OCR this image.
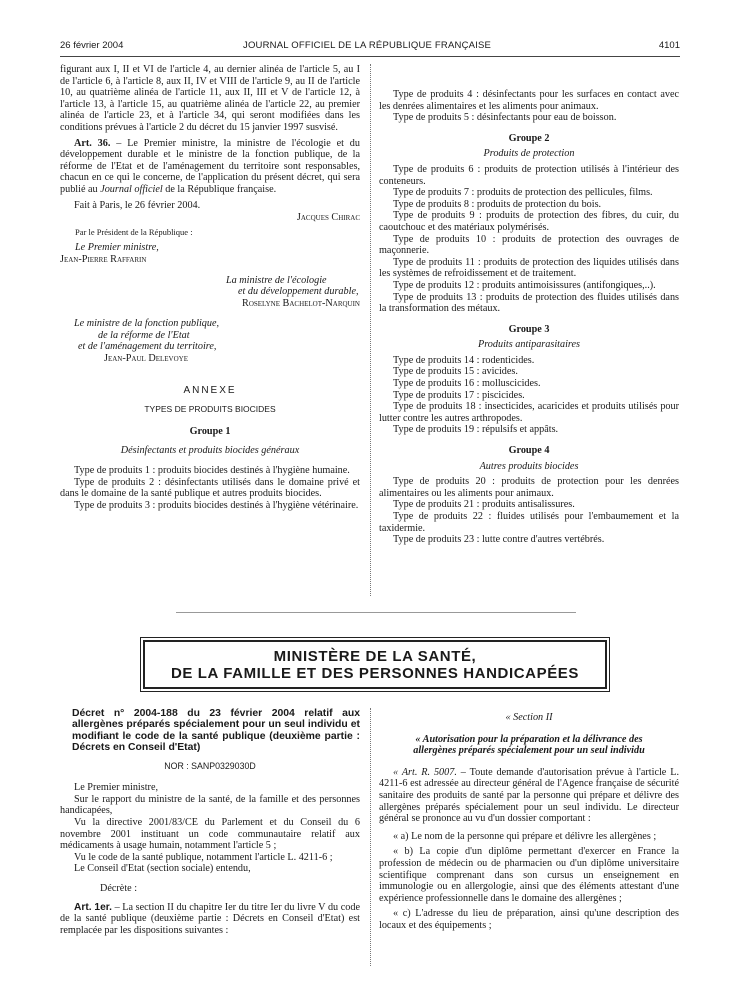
26 février 2004	JOURNAL OFFICIEL DE LA RÉPUBLIQUE FRANÇAISE	4101

figurant aux I, II et VI de l'article 4, au dernier alinéa de l'article 5, au I de l'article 6, à l'article 8, aux II, IV et VIII de l'article 9, au II de l'article 10, au quatrième alinéa de l'article 11, aux II, III et V de l'article 12, à l'article 13, à l'article 15, au quatrième alinéa de l'article 22, au premier alinéa de l'article 23, et à l'article 34, qui seront modifiées dans les conditions prévues à l'article 2 du décret du 15 janvier 1997 susvisé.

Art. 36. – Le Premier ministre, la ministre de l'écologie et du développement durable et le ministre de la fonction publique, de la réforme de l'Etat et de l'aménagement du territoire sont responsables, chacun en ce qui le concerne, de l'application du présent décret, qui sera publié au Journal officiel de la République française.

Fait à Paris, le 26 février 2004.

Jacques Chirac

Par le Président de la République :

Le Premier ministre,

Jean-Pierre Raffarin

La ministre de l'écologie

et du développement durable,

Roselyne Bachelot-Narquin

Le ministre de la fonction publique,

de la réforme de l'Etat

et de l'aménagement du territoire,

Jean-Paul Delevoye

ANNEXE

TYPES DE PRODUITS BIOCIDES

Groupe 1

Désinfectants et produits biocides généraux

Type de produits 1 : produits biocides destinés à l'hygiène humaine.

Type de produits 2 : désinfectants utilisés dans le domaine privé et dans le domaine de la santé publique et autres produits biocides.

Type de produits 3 : produits biocides destinés à l'hygiène vétérinaire.

Type de produits 4 : désinfectants pour les surfaces en contact avec les denrées alimentaires et les aliments pour animaux.

Type de produits 5 : désinfectants pour eau de boisson.

Groupe 2

Produits de protection

Type de produits 6 : produits de protection utilisés à l'intérieur des conteneurs.

Type de produits 7 : produits de protection des pellicules, films.

Type de produits 8 : produits de protection du bois.

Type de produits 9 : produits de protection des fibres, du cuir, du caoutchouc et des matériaux polymérisés.

Type de produits 10 : produits de protection des ouvrages de maçonnerie.

Type de produits 11 : produits de protection des liquides utilisés dans les systèmes de refroidissement et de traitement.

Type de produits 12 : produits antimoisissures (antifongiques,..).

Type de produits 13 : produits de protection des fluides utilisés dans la transformation des métaux.

Groupe 3

Produits antiparasitaires

Type de produits 14 : rodenticides.

Type de produits 15 : avicides.

Type de produits 16 : molluscicides.

Type de produits 17 : piscicides.

Type de produits 18 : insecticides, acaricides et produits utilisés pour lutter contre les autres arthropodes.

Type de produits 19 : répulsifs et appâts.

Groupe 4

Autres produits biocides

Type de produits 20 : produits de protection pour les denrées alimentaires ou les aliments pour animaux.

Type de produits 21 : produits antisalissures.

Type de produits 22 : fluides utilisés pour l'embaumement et la taxidermie.

Type de produits 23 : lutte contre d'autres vertébrés.

MINISTÈRE DE LA SANTÉ,
DE LA FAMILLE ET DES PERSONNES HANDICAPÉES

Décret n° 2004-188 du 23 février 2004 relatif aux allergènes préparés spécialement pour un seul individu et modifiant le code de la santé publique (deuxième partie : Décrets en Conseil d'Etat)

NOR : SANP0329030D

Le Premier ministre,

Sur le rapport du ministre de la santé, de la famille et des personnes handicapées,

Vu la directive 2001/83/CE du Parlement et du Conseil du 6 novembre 2001 instituant un code communautaire relatif aux médicaments à usage humain, notamment l'article 5 ;

Vu le code de la santé publique, notamment l'article L. 4211-6 ;

Le Conseil d'Etat (section sociale) entendu,

Décrète :

Art. 1er. – La section II du chapitre Ier du titre Ier du livre V du code de la santé publique (deuxième partie : Décrets en Conseil d'Etat) est remplacée par les dispositions suivantes :

« Section II

« Autorisation pour la préparation et la délivrance des allergènes préparés spécialement pour un seul individu

« Art. R. 5007. – Toute demande d'autorisation prévue à l'article L. 4211-6 est adressée au directeur général de l'Agence française de sécurité sanitaire des produits de santé par la personne qui prépare et délivre des allergènes préparés spécialement pour un seul individu. Le directeur général se prononce au vu d'un dossier comportant :

« a) Le nom de la personne qui prépare et délivre les allergènes ;

« b) La copie d'un diplôme permettant d'exercer en France la profession de médecin ou de pharmacien ou d'un diplôme universitaire scientifique comprenant dans son cursus un enseignement en immunologie ou en allergologie, ainsi que des éléments attestant d'une expérience professionnelle dans le domaine des allergènes ;

« c) L'adresse du lieu de préparation, ainsi qu'une description des locaux et des équipements ;
